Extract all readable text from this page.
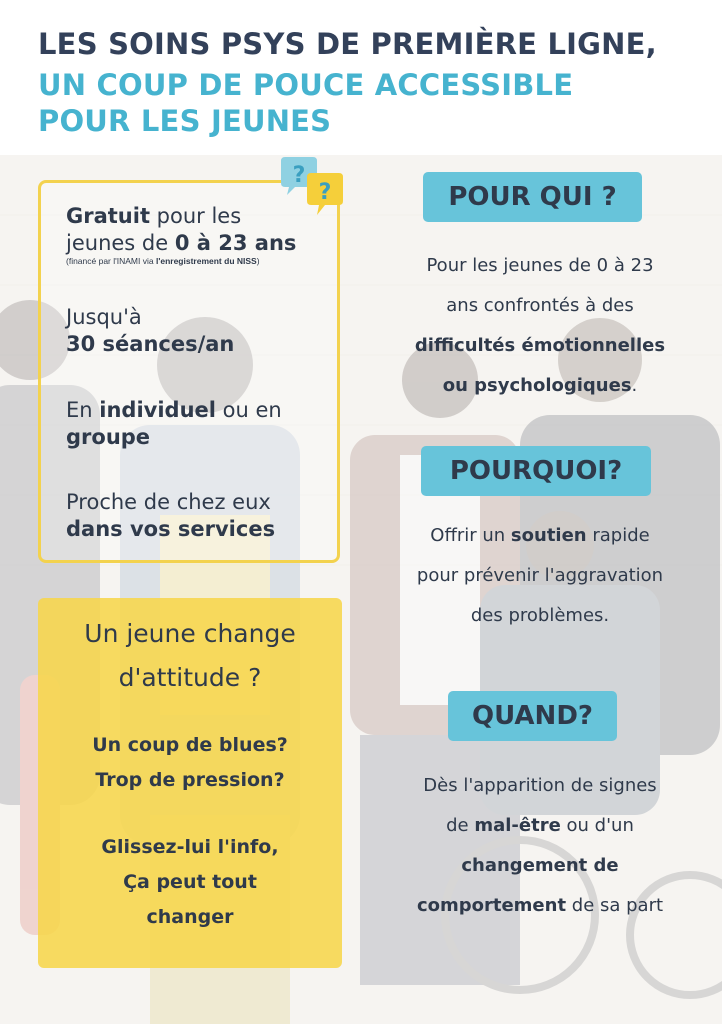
LES SOINS PSYS DE PREMIÈRE LIGNE,
UN COUP DE POUCE ACCESSIBLE
POUR LES JEUNES
?
?
Gratuit pour les
jeunes de 0 à 23 ans
(financé par l'INAMI via l'enregistrement du NISS)
Jusqu'à
30 séances/an
En individuel ou en
groupe
Proche de chez eux
dans vos services
Un jeune change
d'attitude ?
Un coup de blues?
Trop de pression?
Glissez-lui l'info,
Ça peut tout
changer
POUR QUI ?
Pour les jeunes de 0 à 23
ans confrontés à des
difficultés émotionnelles
ou psychologiques.
POURQUOI?
Offrir un soutien rapide
pour prévenir l'aggravation
des problèmes.
QUAND?
Dès l'apparition de signes
de mal-être ou d'un
changement de
comportement de sa part
